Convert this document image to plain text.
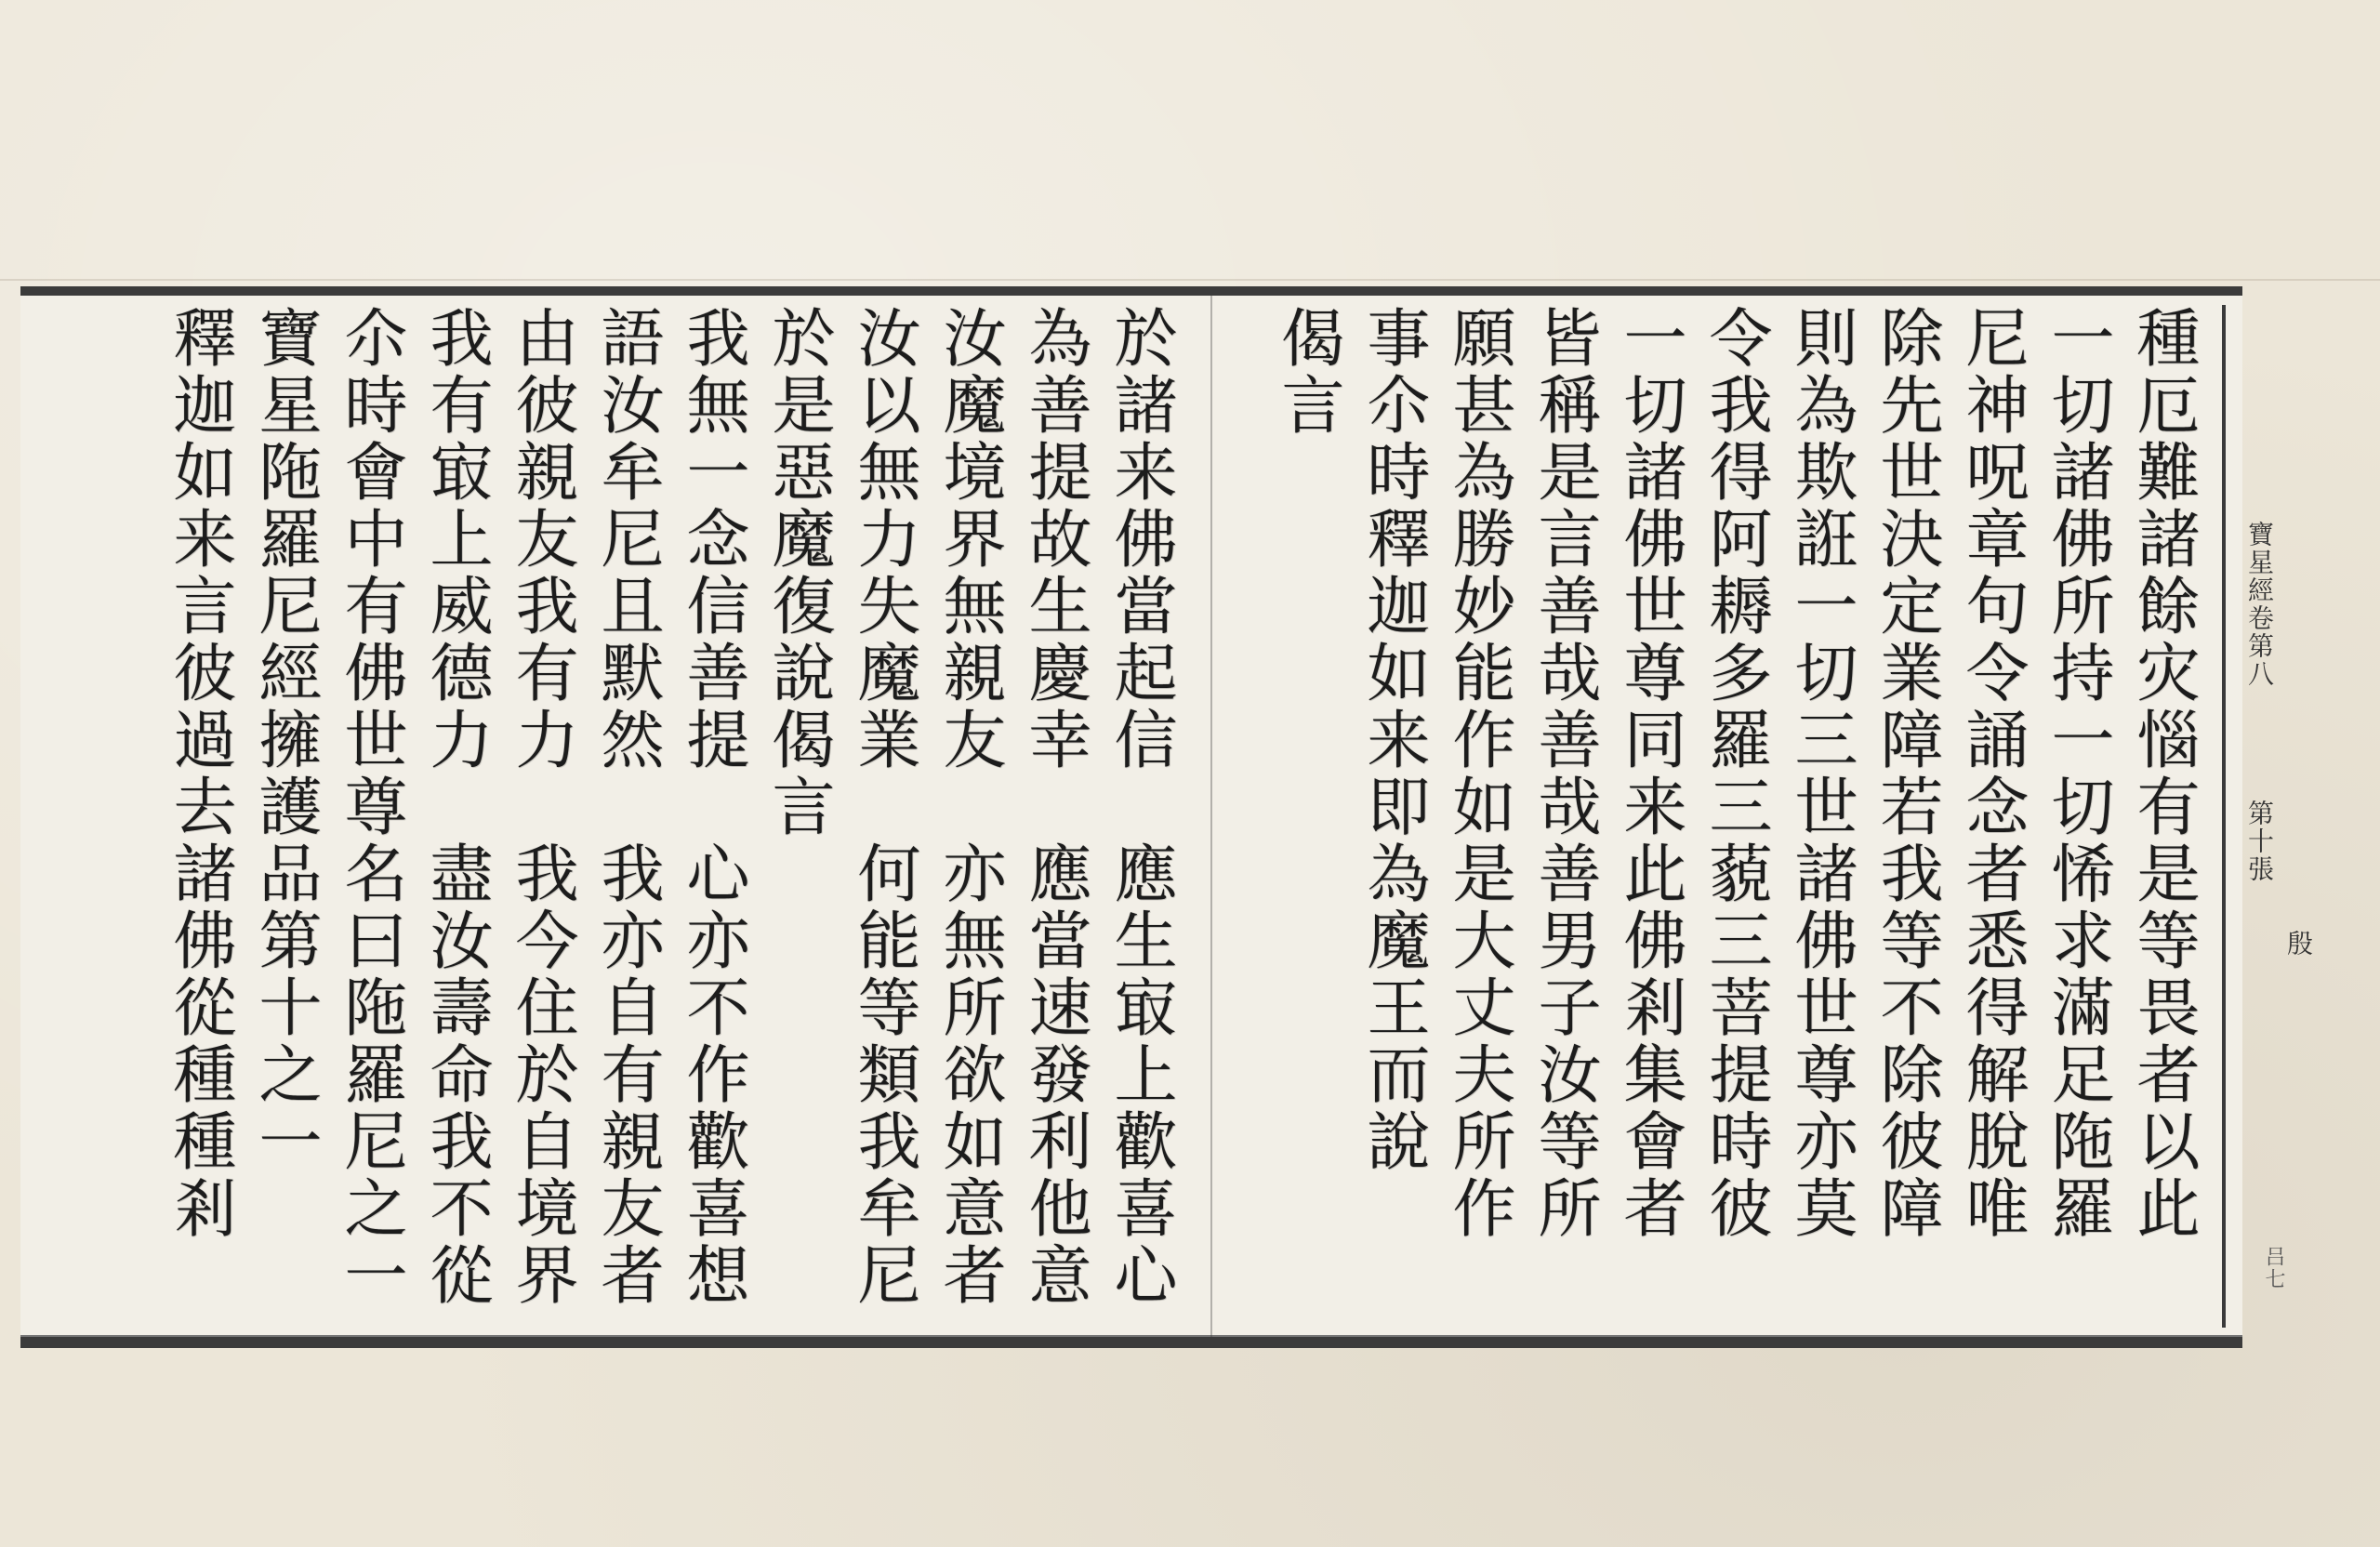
種厄難諸餘灾惱有是等畏者以此
一切諸佛所持一切悕求滿足陁羅
尼神呪章句令誦念者悉得解脫唯
除先世決定業障若我等不除彼障
則為欺誑一切三世諸佛世尊亦莫
令我得阿耨多羅三藐三菩提時彼
一切諸佛世尊同来此佛剎集會者
皆稱是言善哉善哉善男子汝等所
願甚為勝妙能作如是大丈夫所作
事尒時釋迦如来即為魔王而說
偈言
於諸来佛當起信　應生㝡上歡喜心
為善提故生慶幸　應當速發利他意
汝魔境界無親友　亦無所欲如意者
汝以無力失魔業　何能等類我牟尼
於是惡魔復說偈言
我無一念信善提　心亦不作歡喜想
語汝牟尼且默然　我亦自有親友者
由彼親友我有力　我今住於自境界
我有㝡上威德力　盡汝壽命我不從
尒時會中有佛世尊名曰陁羅尼之一
寶星陁羅尼經擁護品第十之一
釋迦如来言彼過去諸佛從種種剎	寶星經卷第八
第十張
殷
吕七
